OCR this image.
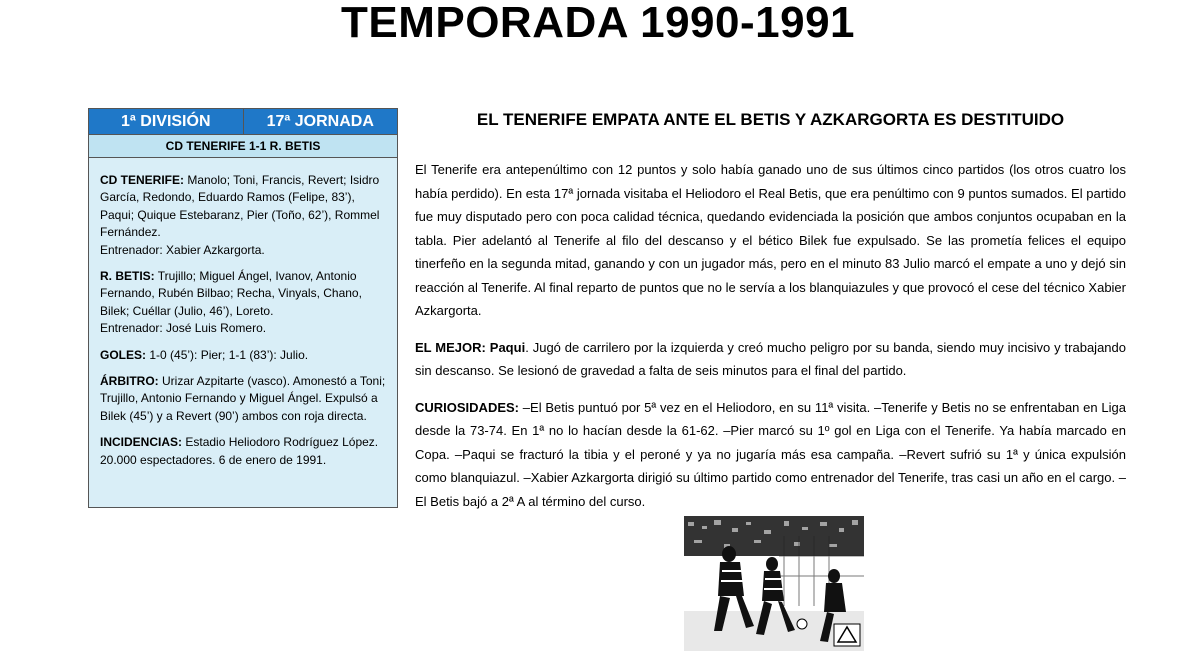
TEMPORADA 1990-1991
1ª DIVISIÓN	17ª JORNADA
CD TENERIFE 1-1 R. BETIS

CD TENERIFE: Manolo; Toni, Francis, Revert; Isidro García, Redondo, Eduardo Ramos (Felipe, 83’), Paqui; Quique Estebaranz, Pier (Toño, 62’), Rommel Fernández.
Entrenador: Xabier Azkargorta.

R. BETIS: Trujillo; Miguel Ángel, Ivanov, Antonio Fernando, Rubén Bilbao; Recha, Vinyals, Chano, Bilek; Cuéllar (Julio, 46’), Loreto.
Entrenador: José Luis Romero.

GOLES: 1-0 (45’): Pier; 1-1 (83’): Julio.

ÁRBITRO: Urizar Azpitarte (vasco). Amonestó a Toni; Trujillo, Antonio Fernando y Miguel Ángel. Expulsó a Bilek (45’) y a Revert (90’) ambos con roja directa.

INCIDENCIAS: Estadio Heliodoro Rodríguez López. 20.000 espectadores. 6 de enero de 1991.

EL TENERIFE EMPATA ANTE EL BETIS Y AZKARGORTA ES DESTITUIDO

El Tenerife era antepenúltimo con 12 puntos y solo había ganado uno de sus últimos cinco partidos (los otros cuatro los había perdido). En esta 17ª jornada visitaba el Heliodoro el Real Betis, que era penúltimo con 9 puntos sumados. El partido fue muy disputado pero con poca calidad técnica, quedando evidenciada la posición que ambos conjuntos ocupaban en la tabla. Pier adelantó al Tenerife al filo del descanso y el bético Bilek fue expulsado. Se las prometía felices el equipo tinerfeño en la segunda mitad, ganando y con un jugador más, pero en el minuto 83 Julio marcó el empate a uno y dejó sin reacción al Tenerife. Al final reparto de puntos que no le servía a los blanquiazules y que provocó el cese del técnico Xabier Azkargorta.

EL MEJOR: Paqui. Jugó de carrilero por la izquierda y creó mucho peligro por su banda, siendo muy incisivo y trabajando sin descanso. Se lesionó de gravedad a falta de seis minutos para el final del partido.

CURIOSIDADES: –El Betis puntuó por 5ª vez en el Heliodoro, en su 11ª visita. –Tenerife y Betis no se enfrentaban en Liga desde la 73-74. En 1ª no lo hacían desde la 61-62. –Pier marcó su 1º gol en Liga con el Tenerife. Ya había marcado en Copa. –Paqui se fracturó la tibia y el peroné y ya no jugaría más esa campaña. –Revert sufrió su 1ª y única expulsión como blanquiazul. –Xabier Azkargorta dirigió su último partido como entrenador del Tenerife, tras casi un año en el cargo. –El Betis bajó a 2ª A al término del curso.
